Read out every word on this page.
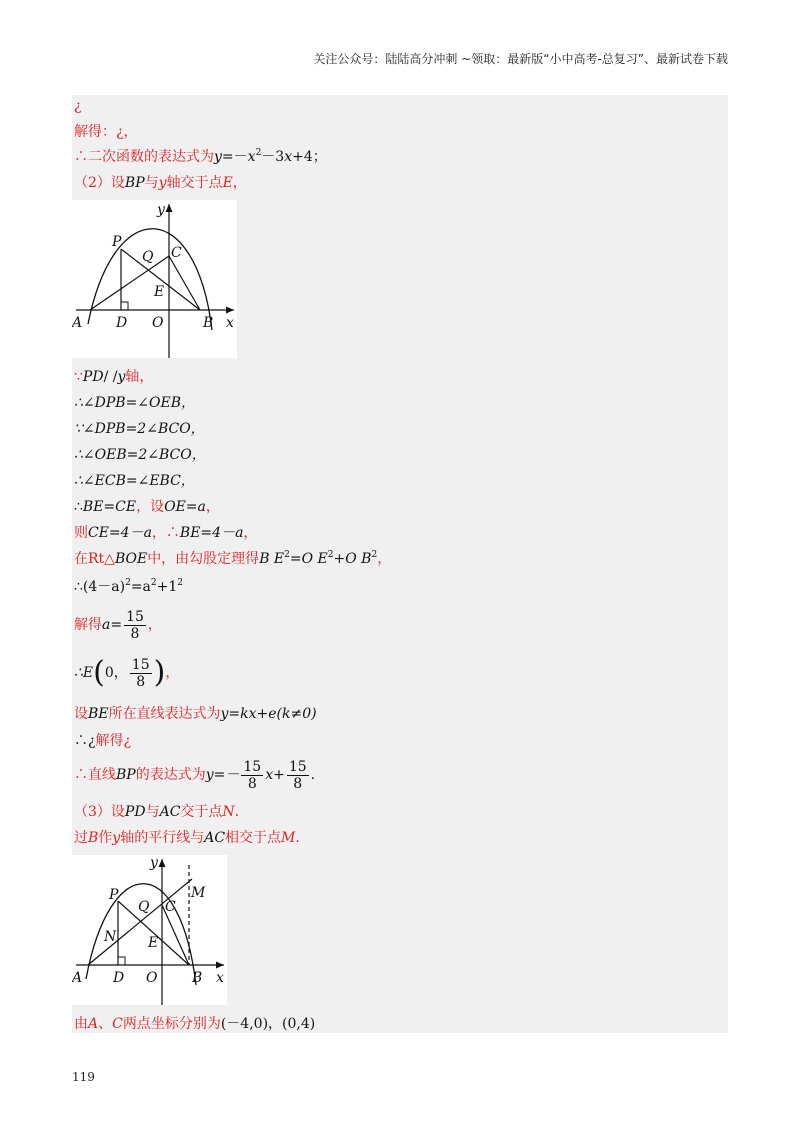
关注公众号：陆陆高分冲刺 ~领取：最新版“小中高考-总复习”、最新试卷下载
¿
解得：¿，
∴二次函数的表达式为$y=-x^2-3x+4$；
（2）设BP与y轴交于点E，
y
x
P
Q C
E
A D O	B
∵PD/ /y轴，
∴∠DPB=∠OEB，
∵∠DPB=2∠BCO，
∴∠OEB=2∠BCO，
∴∠ECB=∠EBC，
∴BE=CE，设OE=a，
则CE=4－a，∴BE=4－a，
在Rt△BOE中，由勾股定理得B $E^2=O$ $E^2+O$ $B^2$，
$\therefore(4-a)^2=a^2+1^2$
解得$a= \frac{15}{8}$ ，
∴E(0， $\frac{15}{8}$ )，
设BE所在直线表达式为y=kx+e(k≠0)
∴¿解得¿
∴直线BP的表达式为$y=- \frac{15}{8} x+ \frac{15}{8}$ .
（3）设PD与AC交于点N.
过B作y轴的平行线与AC相交于点M.
y
x
P
Q C
E
A D O B
M
N
由A、C两点坐标分别为(－4,0)，(0,4)
119
